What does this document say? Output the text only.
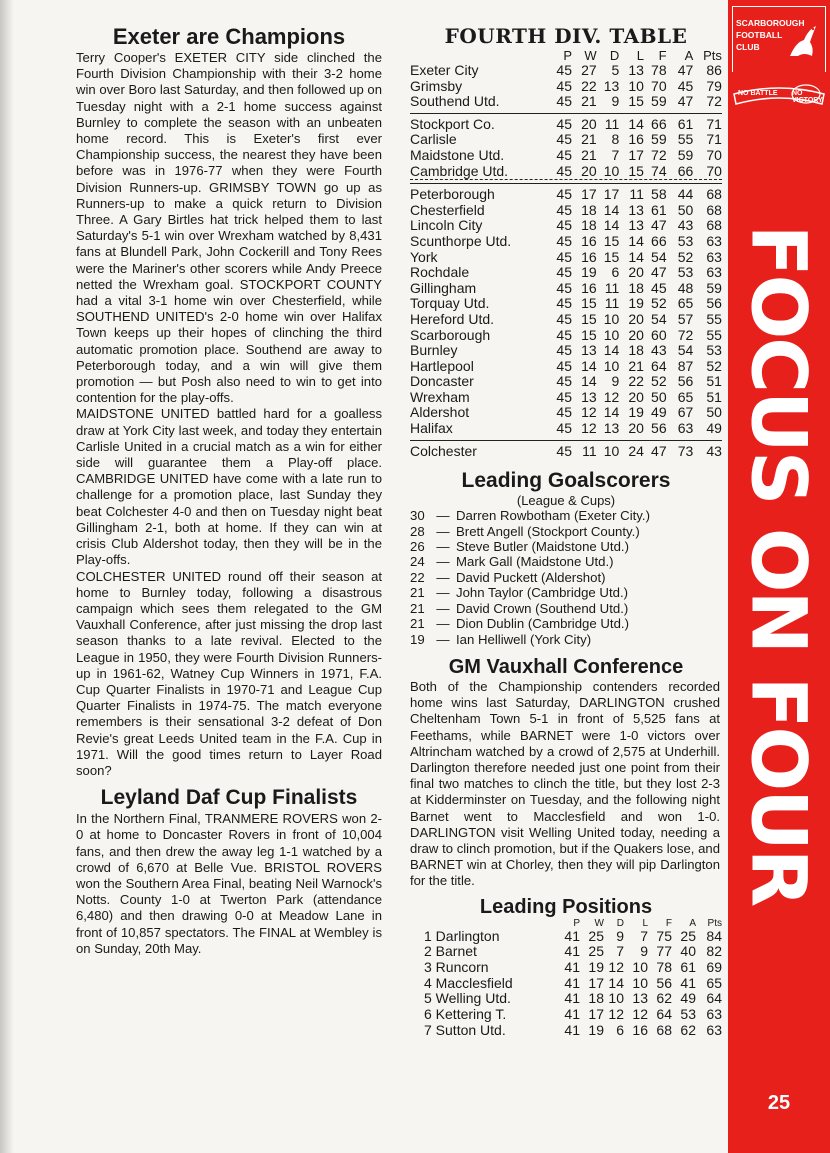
Exeter are Champions

Terry Cooper's EXETER CITY side clinched the Fourth Division Championship with their 3-2 home win over Boro last Saturday, and then followed up on Tuesday night with a 2-1 home success against Burnley to complete the season with an unbeaten home record. This is Exeter's first ever Championship success, the nearest they have been before was in 1976-77 when they were Fourth Division Runners-up. GRIMSBY TOWN go up as Runners-up to make a quick return to Division Three. A Gary Birtles hat trick helped them to last Saturday's 5-1 win over Wrexham watched by 8,431 fans at Blundell Park, John Cockerill and Tony Rees were the Mariner's other scorers while Andy Preece netted the Wrexham goal. STOCKPORT COUNTY had a vital 3-1 home win over Chesterfield, while SOUTHEND UNITED's 2-0 home win over Halifax Town keeps up their hopes of clinching the third automatic promotion place. Southend are away to Peterborough today, and a win will give them promotion — but Posh also need to win to get into contention for the play-offs.

MAIDSTONE UNITED battled hard for a goalless draw at York City last week, and today they entertain Carlisle United in a crucial match as a win for either side will guarantee them a Play-off place. CAMBRIDGE UNITED have come with a late run to challenge for a promotion place, last Sunday they beat Colchester 4-0 and then on Tuesday night beat Gillingham 2-1, both at home. If they can win at crisis Club Aldershot today, then they will be in the Play-offs.

COLCHESTER UNITED round off their season at home to Burnley today, following a disastrous campaign which sees them relegated to the GM Vauxhall Conference, after just missing the drop last season thanks to a late revival. Elected to the League in 1950, they were Fourth Division Runners-up in 1961-62, Watney Cup Winners in 1971, F.A. Cup Quarter Finalists in 1970-71 and League Cup Quarter Finalists in 1974-75. The match everyone remembers is their sensational 3-2 defeat of Don Revie's great Leeds United team in the F.A. Cup in 1971. Will the good times return to Layer Road soon?

Leyland Daf Cup Finalists

In the Northern Final, TRANMERE ROVERS won 2-0 at home to Doncaster Rovers in front of 10,004 fans, and then drew the away leg 1-1 watched by a crowd of 6,670 at Belle Vue. BRISTOL ROVERS won the Southern Area Final, beating Neil Warnock's Notts. County 1-0 at Twerton Park (attendance 6,480) and then drawing 0-0 at Meadow Lane in front of 10,857 spectators. The FINAL at Wembley is on Sunday, 20th May.

FOURTH DIV. TABLE
P W	D	L	F	A Pts
Exeter City	45 27	5 13 78 47 86
Grimsby	45 22 13 10 70 45 79
Southend Utd.	45 21	9 15 59 47 72
Stockport Co.	45 20 11 14 66 61 71
Carlisle	45 21	8 16 59 55 71
Maidstone Utd.	45 21	7 17 72 59 70
Cambridge Utd.	45 20 10 15 74 66 70
Peterborough	45 17 17 11 58 44 68
Chesterfield	45 18 14 13 61 50 68
Lincoln City	45 18 14 13 47 43 68
Scunthorpe Utd.	45 16 15 14 66 53 63
York	45 16 15 14 54 52 63
Rochdale	45 19	6 20 47 53 63
Gillingham	45 16 11 18 45 48 59
Torquay Utd.	45 15 11 19 52 65 56
Hereford Utd.	45 15 10 20 54 57 55
Scarborough	45 15 10 20 60 72 55
Burnley	45 13 14 18 43 54 53
Hartlepool	45 14 10 21 64 87 52
Doncaster	45 14	9 22 52 56 51
Wrexham	45 13 12 20 50 65 51
Aldershot	45 12 14 19 49 67 50
Halifax	45 12 13 20 56 63 49
Colchester	45 11 10 24 47 73 43
Leading Goalscorers
(League & Cups)
30 — Darren Rowbotham (Exeter City.)
28 — Brett Angell (Stockport County.)
26 — Steve Butler (Maidstone Utd.)
24 — Mark Gall (Maidstone Utd.)
22 — David Puckett (Aldershot)
21 — John Taylor (Cambridge Utd.)
21 — David Crown (Southend Utd.)
21 — Dion Dublin (Cambridge Utd.)
19 — Ian Helliwell (York City)
GM Vauxhall Conference

Both of the Championship contenders recorded home wins last Saturday, DARLINGTON crushed Cheltenham Town 5-1 in front of 5,525 fans at Feethams, while BARNET were 1-0 victors over Altrincham watched by a crowd of 2,575 at Underhill. Darlington therefore needed just one point from their final two matches to clinch the title, but they lost 2-3 at Kidderminster on Tuesday, and the following night Barnet went to Macclesfield and won 1-0. DARLINGTON visit Welling United today, needing a draw to clinch promotion, but if the Quakers lose, and BARNET win at Chorley, then they will pip Darlington for the title.

Leading Positions
P	W	D	L	F	A	Pts
1 Darlington	41 25 9	7 75 25 84
2 Barnet	41 25 7	9 77 40 82
3 Runcorn	41 19 12 10 78 61 69
4 Macclesfield	41 17 14 10 56 41 65
5 Welling Utd.	41 18 10 13 62 49 64
6 Kettering T.	41 17 12 12 64 53 63
7 Sutton Utd.	41 19 6 16 68 62 63
SCARBOROUGH
FOOTBALL
CLUB
NO BATTLE NO VICTORY
FOCUS ON FOUR
25
